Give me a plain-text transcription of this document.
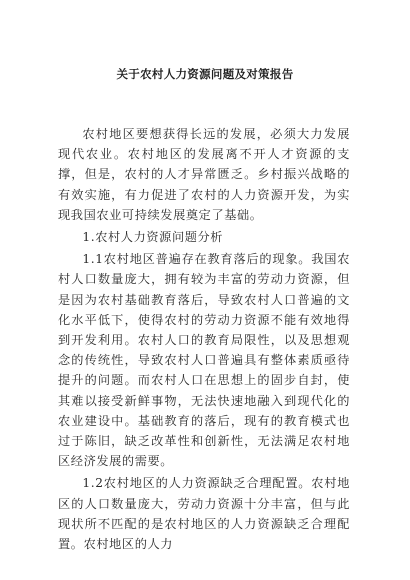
关于农村人力资源问题及对策报告

农村地区要想获得长远的发展，必须大力发展现代农业。农村地区的发展离不开人才资源的支撑，但是，农村的人才异常匮乏。乡村振兴战略的有效实施，有力促进了农村的人力资源开发，为实现我国农业可持续发展奠定了基础。

1.农村人力资源问题分析

1.1农村地区普遍存在教育落后的现象。我国农村人口数量庞大，拥有较为丰富的劳动力资源，但是因为农村基础教育落后，导致农村人口普遍的文化水平低下，使得农村的劳动力资源不能有效地得到开发利用。农村人口的教育局限性，以及思想观念的传统性，导致农村人口普遍具有整体素质亟待提升的问题。而农村人口在思想上的固步自封，使其难以接受新鲜事物，无法快速地融入到现代化的农业建设中。基础教育的落后，现有的教育模式也过于陈旧，缺乏改革性和创新性，无法满足农村地区经济发展的需要。

1.2农村地区的人力资源缺乏合理配置。农村地区的人口数量庞大，劳动力资源十分丰富，但与此现状所不匹配的是农村地区的人力资源缺乏合理配置。农村地区的人力
